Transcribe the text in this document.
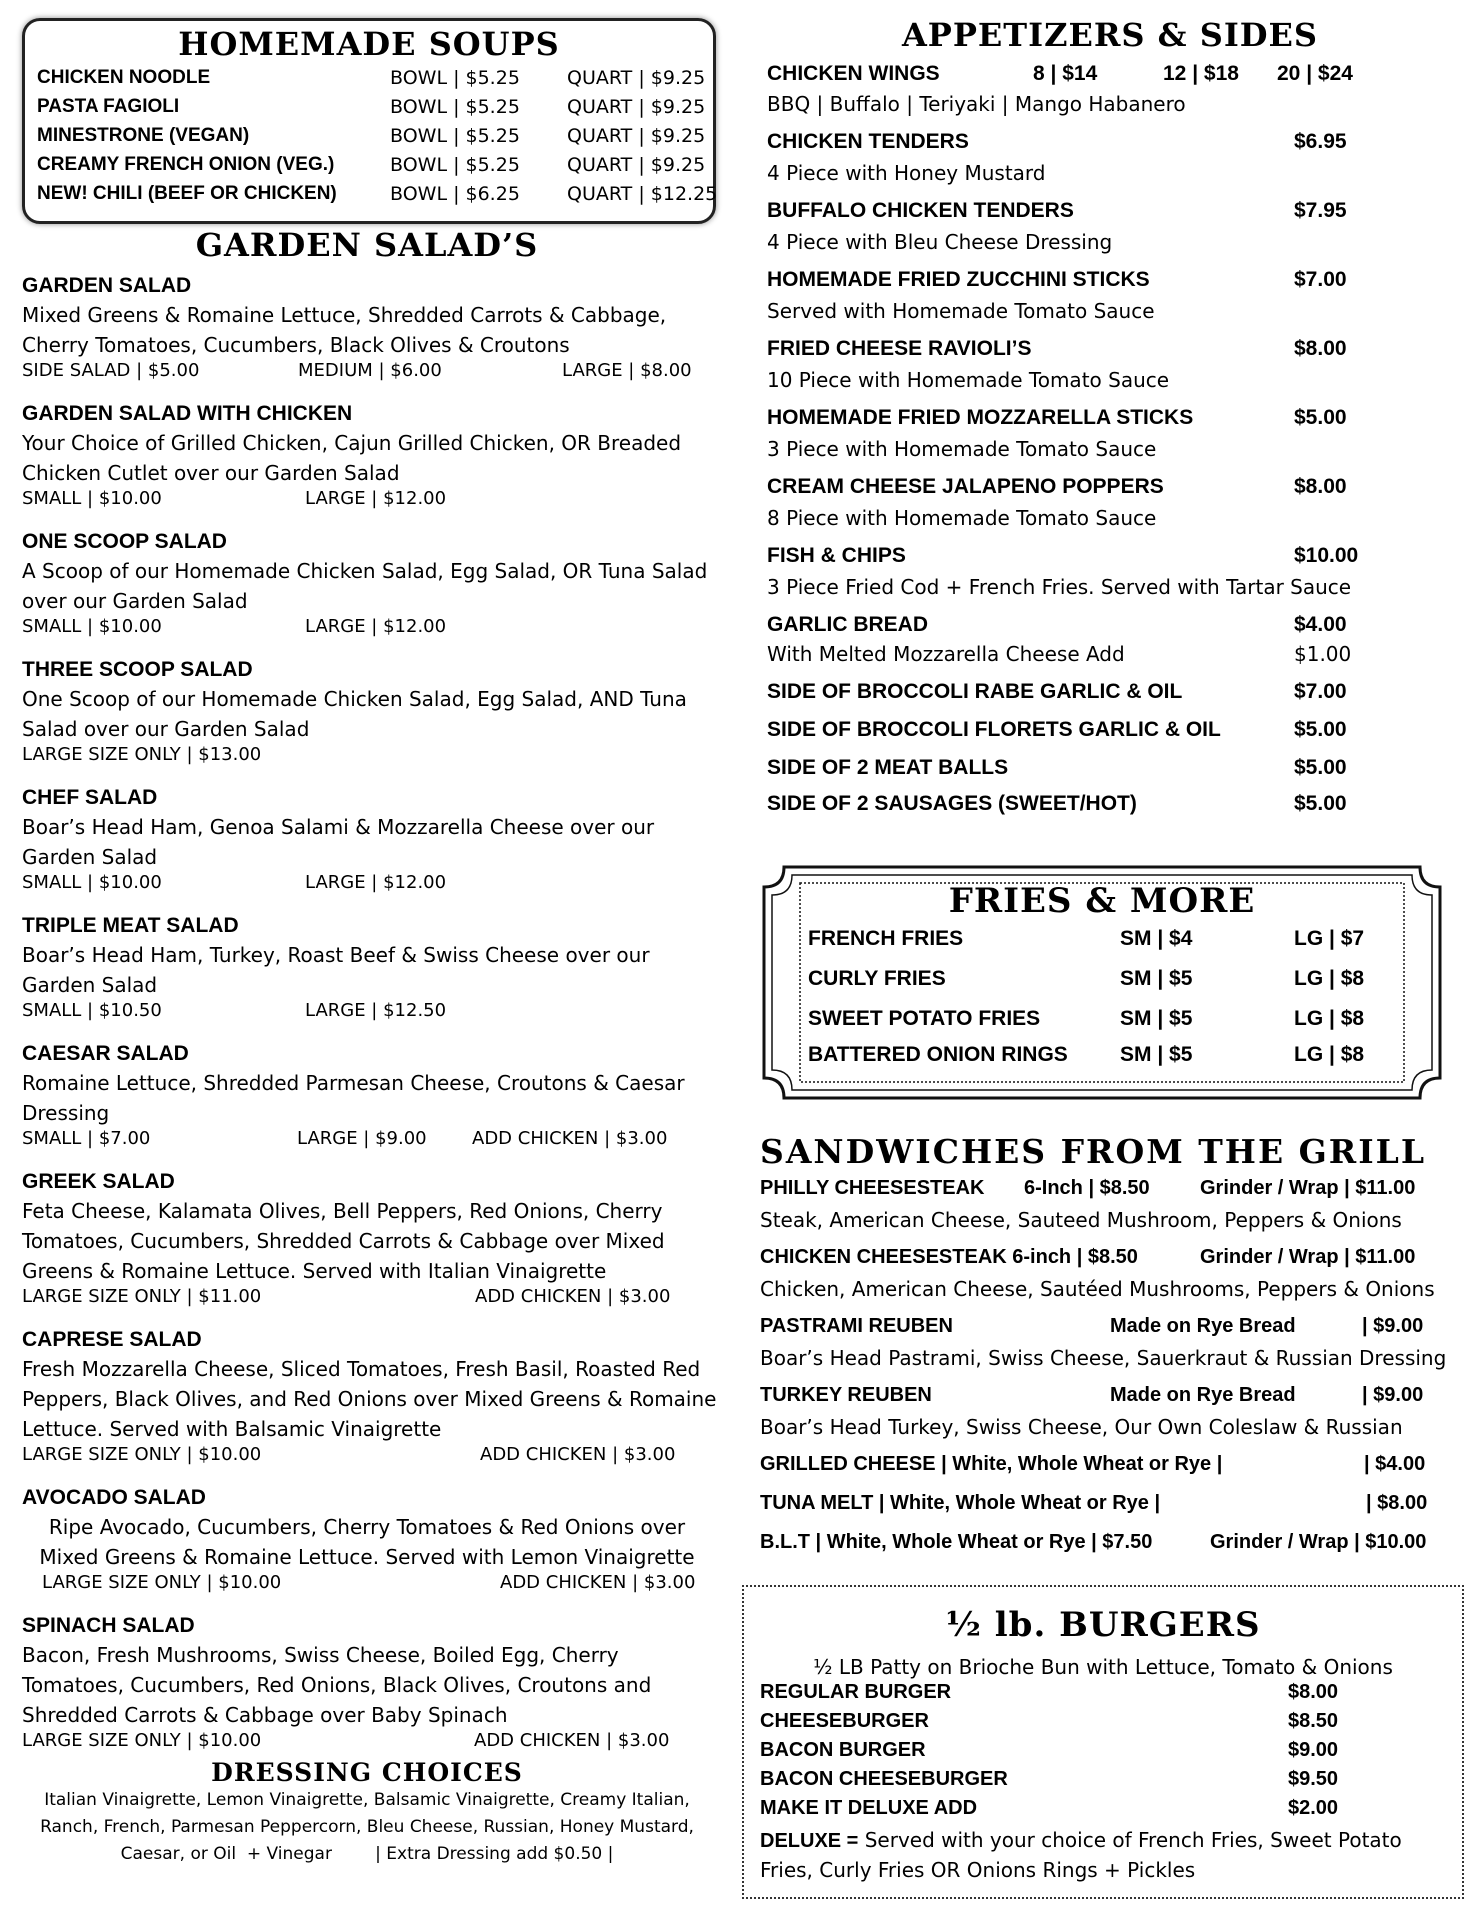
HOMEMADE SOUPS
CHICKEN NOODLE	BOWL | $5.25 QUART | $9.25
PASTA FAGIOLI	BOWL | $5.25 QUART | $9.25
MINESTRONE (VEGAN)	BOWL | $5.25 QUART | $9.25
CREAMY FRENCH ONION (VEG.)	BOWL | $5.25 QUART | $9.25
NEW! CHILI (BEEF OR CHICKEN)	BOWL | $6.25 QUART | $12.25
GARDEN SALAD’S
GARDEN SALAD
Mixed Greens & Romaine Lettuce, Shredded Carrots & Cabbage, Cherry Tomatoes, Cucumbers, Black Olives & Croutons
SIDE SALAD | $5.00	MEDIUM | $6.00	LARGE | $8.00
GARDEN SALAD WITH CHICKEN
Your Choice of Grilled Chicken, Cajun Grilled Chicken, OR Breaded Chicken Cutlet over our Garden Salad
SMALL | $10.00	LARGE | $12.00
ONE SCOOP SALAD
A Scoop of our Homemade Chicken Salad, Egg Salad, OR Tuna Salad over our Garden Salad
SMALL | $10.00	LARGE | $12.00
THREE SCOOP SALAD
One Scoop of our Homemade Chicken Salad, Egg Salad, AND Tuna Salad over our Garden Salad
LARGE SIZE ONLY | $13.00
CHEF SALAD
Boar’s Head Ham, Genoa Salami & Mozzarella Cheese over our Garden Salad
SMALL | $10.00	LARGE | $12.00
TRIPLE MEAT SALAD
Boar’s Head Ham, Turkey, Roast Beef & Swiss Cheese over our Garden Salad
SMALL | $10.50	LARGE | $12.50
CAESAR SALAD
Romaine Lettuce, Shredded Parmesan Cheese, Croutons & Caesar Dressing
SMALL | $7.00	LARGE | $9.00	ADD CHICKEN | $3.00
GREEK SALAD
Feta Cheese, Kalamata Olives, Bell Peppers, Red Onions, Cherry Tomatoes, Cucumbers, Shredded Carrots & Cabbage over Mixed Greens & Romaine Lettuce. Served with Italian Vinaigrette
LARGE SIZE ONLY | $11.00	ADD CHICKEN | $3.00
CAPRESE SALAD
Fresh Mozzarella Cheese, Sliced Tomatoes, Fresh Basil, Roasted Red Peppers, Black Olives, and Red Onions over Mixed Greens & Romaine Lettuce. Served with Balsamic Vinaigrette
LARGE SIZE ONLY | $10.00	ADD CHICKEN | $3.00
AVOCADO SALAD
Ripe Avocado, Cucumbers, Cherry Tomatoes & Red Onions over Mixed Greens & Romaine Lettuce. Served with Lemon Vinaigrette
LARGE SIZE ONLY | $10.00	ADD CHICKEN | $3.00
SPINACH SALAD
Bacon, Fresh Mushrooms, Swiss Cheese, Boiled Egg, Cherry Tomatoes, Cucumbers, Red Onions, Black Olives, Croutons and Shredded Carrots & Cabbage over Baby Spinach
LARGE SIZE ONLY | $10.00	ADD CHICKEN | $3.00
DRESSING CHOICES
Italian Vinaigrette, Lemon Vinaigrette, Balsamic Vinaigrette, Creamy Italian, Ranch, French, Parmesan Peppercorn, Bleu Cheese, Russian, Honey Mustard, Caesar, or Oil  + Vinegar        | Extra Dressing add $0.50 |
APPETIZERS & SIDES
CHICKEN WINGS	8 | $14	12 | $18 20 | $24
BBQ | Buffalo | Teriyaki | Mango Habanero
CHICKEN TENDERS	$6.95
4 Piece with Honey Mustard
BUFFALO CHICKEN TENDERS	$7.95
4 Piece with Bleu Cheese Dressing
HOMEMADE FRIED ZUCCHINI STICKS	$7.00
Served with Homemade Tomato Sauce
FRIED CHEESE RAVIOLI’S	$8.00
10 Piece with Homemade Tomato Sauce
HOMEMADE FRIED MOZZARELLA STICKS	$5.00
3 Piece with Homemade Tomato Sauce
CREAM CHEESE JALAPENO POPPERS	$8.00
8 Piece with Homemade Tomato Sauce
FISH & CHIPS	$10.00
3 Piece Fried Cod + French Fries. Served with Tartar Sauce
GARLIC BREAD	$4.00
With Melted Mozzarella Cheese Add	$1.00
SIDE OF BROCCOLI RABE GARLIC & OIL	$7.00
SIDE OF BROCCOLI FLORETS GARLIC & OIL	$5.00
SIDE OF 2 MEAT BALLS	$5.00
SIDE OF 2 SAUSAGES (SWEET/HOT)	$5.00
FRIES & MORE
FRENCH FRIES	SM | $4	LG | $7
CURLY FRIES	SM | $5	LG | $8
SWEET POTATO FRIES	SM | $5	LG | $8
BATTERED ONION RINGS SM | $5	LG | $8
SANDWICHES FROM THE GRILL
PHILLY CHEESESTEAK 6-Inch | $8.50	Grinder / Wrap | $11.00
Steak, American Cheese, Sauteed Mushroom, Peppers & Onions
CHICKEN CHEESESTEAK 6-inch | $8.50	Grinder / Wrap | $11.00
Chicken, American Cheese, Sautéed Mushrooms, Peppers & Onions
PASTRAMI REUBEN	Made on Rye Bread	| $9.00
Boar’s Head Pastrami, Swiss Cheese, Sauerkraut & Russian Dressing
TURKEY REUBEN	Made on Rye Bread	| $9.00
Boar’s Head Turkey, Swiss Cheese, Our Own Coleslaw & Russian
GRILLED CHEESE | White, Whole Wheat or Rye |	| $4.00
TUNA MELT | White, Whole Wheat or Rye |	| $8.00
B.L.T | White, Whole Wheat or Rye | $7.50	Grinder / Wrap | $10.00
½ lb. BURGERS
½ LB Patty on Brioche Bun with Lettuce, Tomato & Onions
REGULAR BURGER	$8.00
CHEESEBURGER	$8.50
BACON BURGER	$9.00
BACON CHEESEBURGER	$9.50
MAKE IT DELUXE ADD	$2.00
DELUXE = Served with your choice of French Fries, Sweet Potato Fries, Curly Fries OR Onions Rings + Pickles
